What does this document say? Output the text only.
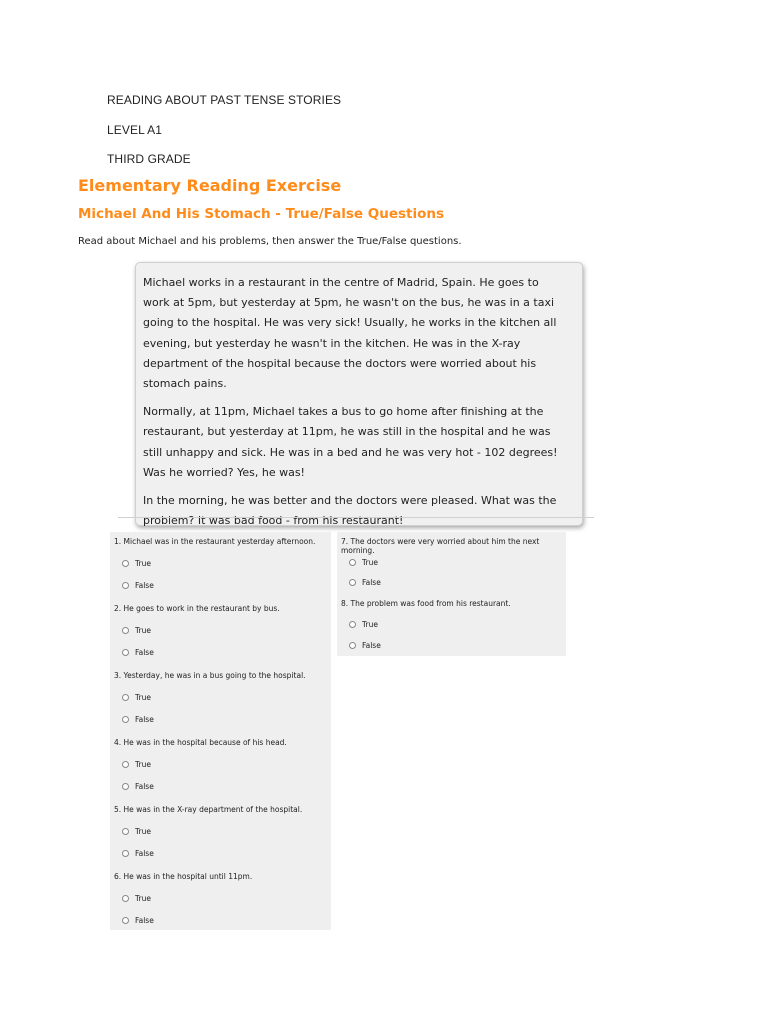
READING ABOUT PAST TENSE STORIES
LEVEL A1
THIRD GRADE
Elementary Reading Exercise
Michael And His Stomach - True/False Questions
Read about Michael and his problems, then answer the True/False questions.

Michael works in a restaurant in the centre of Madrid, Spain. He goes to work at 5pm, but yesterday at 5pm, he wasn't on the bus, he was in a taxi going to the hospital. He was very sick! Usually, he works in the kitchen all evening, but yesterday he wasn't in the kitchen. He was in the X-ray department of the hospital because the doctors were worried about his stomach pains.

Normally, at 11pm, Michael takes a bus to go home after finishing at the restaurant, but yesterday at 11pm, he was still in the hospital and he was still unhappy and sick. He was in a bed and he was very hot - 102 degrees! Was he worried? Yes, he was!

In the morning, he was better and the doctors were pleased. What was the problem? It was bad food - from his restaurant!

1. Michael was in the restaurant yesterday afternoon.
True
False
2. He goes to work in the restaurant by bus.
True
False
3. Yesterday, he was in a bus going to the hospital.
True
False
4. He was in the hospital because of his head.
True
False
5. He was in the X-ray department of the hospital.
True
False
6. He was in the hospital until 11pm.
True
False
7. The doctors were very worried about him the next morning.
True
False
8. The problem was food from his restaurant.
True
False
